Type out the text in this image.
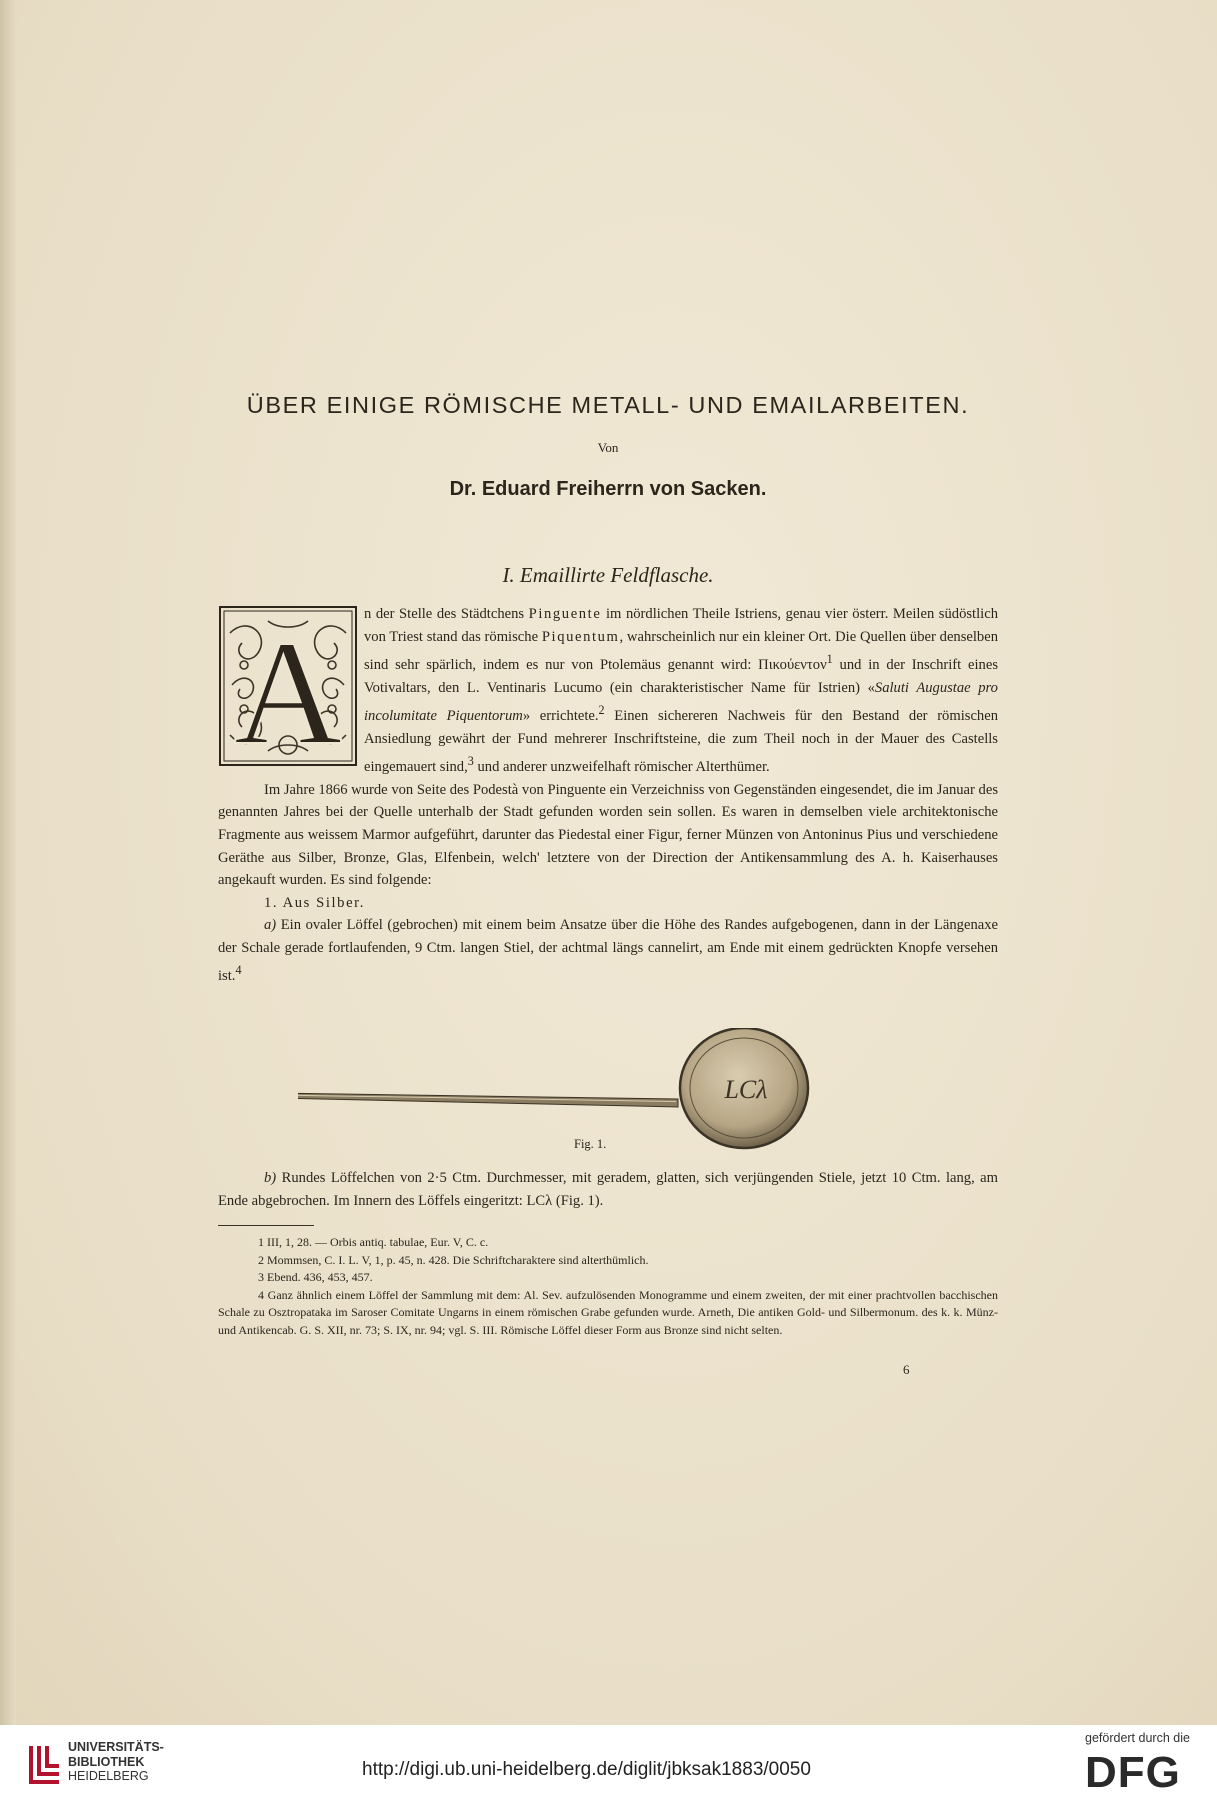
ÜBER EINIGE RÖMISCHE METALL- UND EMAILARBEITEN.

Von

Dr. Eduard Freiherrn von Sacken.

I. Emaillirte Feldflasche.
A	n der Stelle des Städtchens Pinguente im nördlichen Theile Istriens, genau vier österr. Meilen südöstlich von Triest stand das römische Piquentum, wahrscheinlich nur ein kleiner Ort. Die Quellen über denselben sind sehr spärlich, indem es nur von Ptolemäus genannt wird: Πικούεντον$^1$ und in der Inschrift eines Votivaltars, den L. Ventinaris Lucumo (ein charakteristischer Name für Istrien) «Saluti Augustae pro incolumitate Piquentorum» errichtete.$^2$ Einen sichereren Nachweis für den Bestand der römischen Ansiedlung gewährt der Fund mehrerer Inschriftsteine, die zum Theil noch in der Mauer des Castells eingemauert sind,$^3$ und anderer unzweifelhaft römischer Alterthümer.

Im Jahre 1866 wurde von Seite des Podestà von Pinguente ein Verzeichniss von Gegenständen eingesendet, die im Januar des genannten Jahres bei der Quelle unterhalb der Stadt gefunden worden sein sollen. Es waren in demselben viele architektonische Fragmente aus weissem Marmor aufgeführt, darunter das Piedestal einer Figur, ferner Münzen von Antoninus Pius und verschiedene Geräthe aus Silber, Bronze, Glas, Elfenbein, welch' letztere von der Direction der Antikensammlung des A. h. Kaiserhauses angekauft wurden. Es sind folgende:

1. Aus Silber.

a) Ein ovaler Löffel (gebrochen) mit einem beim Ansatze über die Höhe des Randes aufgebogenen, dann in der Längenaxe der Schale gerade fortlaufenden, 9 Ctm. langen Stiel, der achtmal längs cannelirt, am Ende mit einem gedrückten Knopfe versehen ist.$^4$

LCλ

Fig. 1.

b) Rundes Löffelchen von 2·5 Ctm. Durchmesser, mit geradem, glatten, sich verjüngenden Stiele, jetzt 10 Ctm. lang, am Ende abgebrochen. Im Innern des Löffels eingeritzt: LCλ (Fig. 1).

1 III, 1, 28. — Orbis antiq. tabulae, Eur. V, C. c.

2 Mommsen, C. I. L. V, 1, p. 45, n. 428. Die Schriftcharaktere sind alterthümlich.

3 Ebend. 436, 453, 457.

4 Ganz ähnlich einem Löffel der Sammlung mit dem: Al. Sev. aufzulösenden Monogramme und einem zweiten, der mit einer prachtvollen bacchischen Schale zu Osztropataka im Saroser Comitate Ungarns in einem römischen Grabe gefunden wurde. Arneth, Die antiken Gold- und Silbermonum. des k. k. Münz- und Antikencab. G. S. XII, nr. 73; S. IX, nr. 94; vgl. S. III. Römische Löffel dieser Form aus Bronze sind nicht selten.

6

UNIVERSITÄTS-
BIBLIOTHEK
HEIDELBERG	http://digi.ub.uni-heidelberg.de/diglit/jbksak1883/0050
gefördert durch die
DFG
